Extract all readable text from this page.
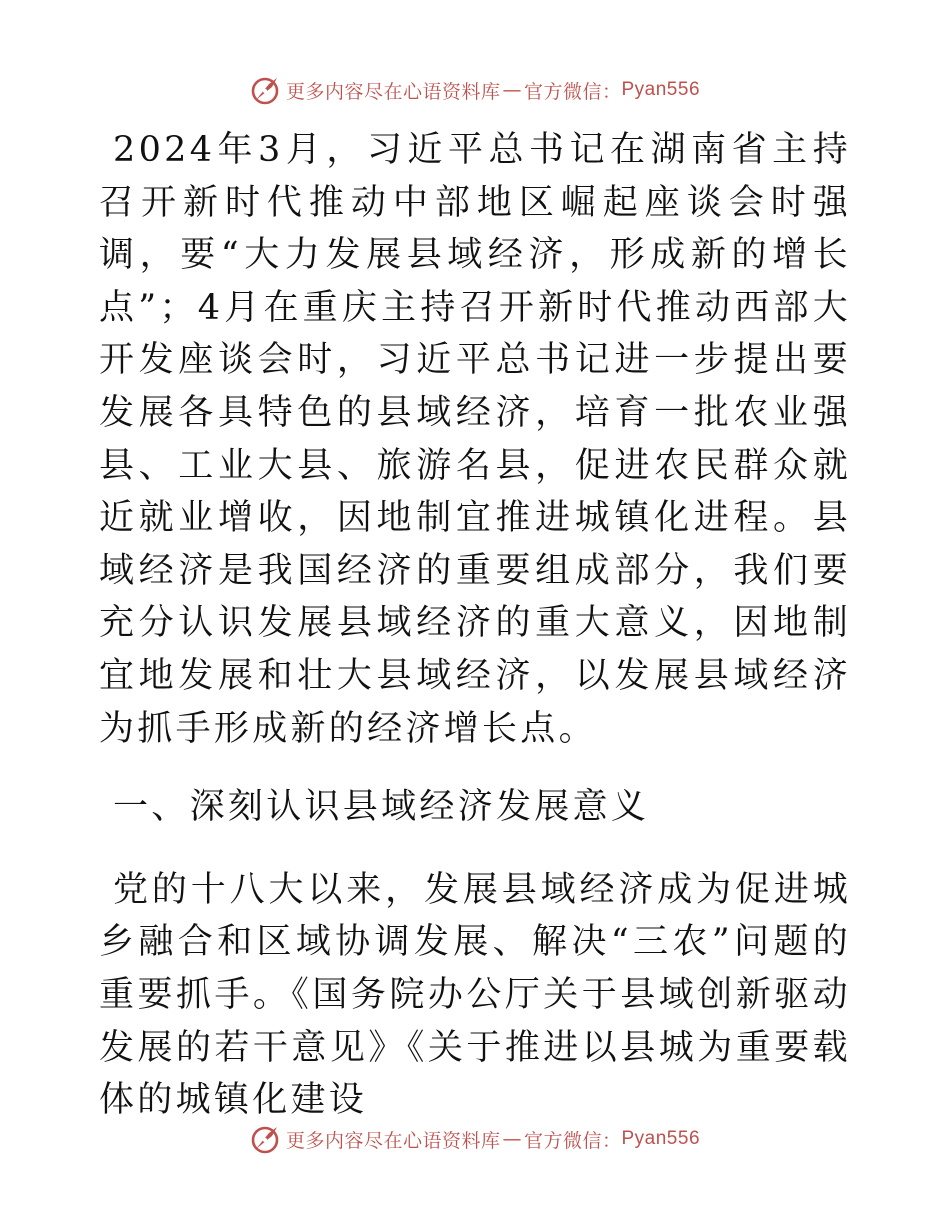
更多内容尽在心语资料库 — 官方微信： Pyan556

2024年3月，习近平总书记在湖南省主持召开新时代推动中部地区崛起座谈会时强调，要“大力发展县域经济，形成新的增长点”；4月在重庆主持召开新时代推动西部大开发座谈会时，习近平总书记进一步提出要发展各具特色的县域经济，培育一批农业强县、工业大县、旅游名县，促进农民群众就近就业增收，因地制宜推进城镇化进程。县域经济是我国经济的重要组成部分，我们要充分认识发展县域经济的重大意义，因地制宜地发展和壮大县域经济，以发展县域经济为抓手形成新的经济增长点。

一、深刻认识县域经济发展意义

党的十八大以来，发展县域经济成为促进城乡融合和区域协调发展、解决“三农”问题的重要抓手。《国务院办公厅关于县域创新驱动发展的若干意见》《关于推进以县城为重要载体的城镇化建设

更多内容尽在心语资料库 — 官方微信： Pyan556
